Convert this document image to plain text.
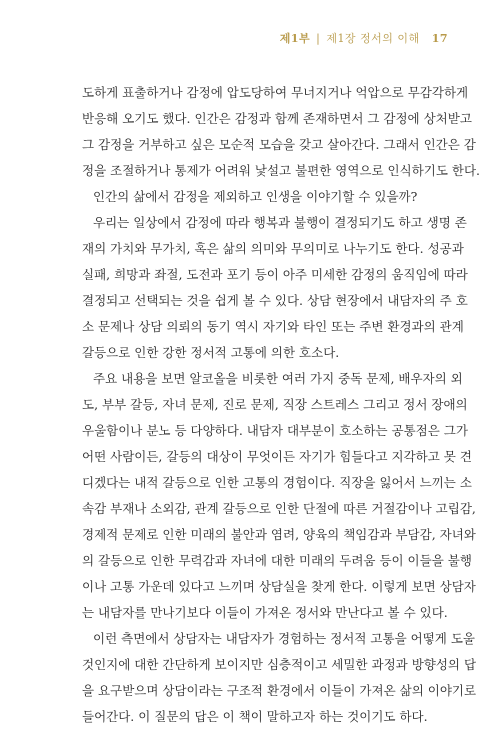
제1부 | 제1장 정서의 이해 17
도하게 표출하거나 감정에 압도당하여 무너지거나 억압으로 무감각하게
반응해 오기도 했다. 인간은 감정과 함께 존재하면서 그 감정에 상처받고
그 감정을 거부하고 싶은 모순적 모습을 갖고 살아간다. 그래서 인간은 감
정을 조절하거나 통제가 어려워 낯설고 불편한 영역으로 인식하기도 한다.
인간의 삶에서 감정을 제외하고 인생을 이야기할 수 있을까?
우리는 일상에서 감정에 따라 행복과 불행이 결정되기도 하고 생명 존
재의 가치와 무가치, 혹은 삶의 의미와 무의미로 나누기도 한다. 성공과
실패, 희망과 좌절, 도전과 포기 등이 아주 미세한 감정의 움직임에 따라
결정되고 선택되는 것을 쉽게 볼 수 있다. 상담 현장에서 내담자의 주 호
소 문제나 상담 의뢰의 동기 역시 자기와 타인 또는 주변 환경과의 관계
갈등으로 인한 강한 정서적 고통에 의한 호소다.
주요 내용을 보면 알코올을 비롯한 여러 가지 중독 문제, 배우자의 외
도, 부부 갈등, 자녀 문제, 진로 문제, 직장 스트레스 그리고 정서 장애의
우울함이나 분노 등 다양하다. 내담자 대부분이 호소하는 공통점은 그가
어떤 사람이든, 갈등의 대상이 무엇이든 자기가 힘들다고 지각하고 못 견
디겠다는 내적 갈등으로 인한 고통의 경험이다. 직장을 잃어서 느끼는 소
속감 부재나 소외감, 관계 갈등으로 인한 단절에 따른 거절감이나 고립감,
경제적 문제로 인한 미래의 불안과 염려, 양육의 책임감과 부담감, 자녀와
의 갈등으로 인한 무력감과 자녀에 대한 미래의 두려움 등이 이들을 불행
이나 고통 가운데 있다고 느끼며 상담실을 찾게 한다. 이렇게 보면 상담자
는 내담자를 만나기보다 이들이 가져온 정서와 만난다고 볼 수 있다.
이런 측면에서 상담자는 내담자가 경험하는 정서적 고통을 어떻게 도울
것인지에 대한 간단하게 보이지만 심층적이고 세밀한 과정과 방향성의 답
을 요구받으며 상담이라는 구조적 환경에서 이들이 가져온 삶의 이야기로
들어간다. 이 질문의 답은 이 책이 말하고자 하는 것이기도 하다.
